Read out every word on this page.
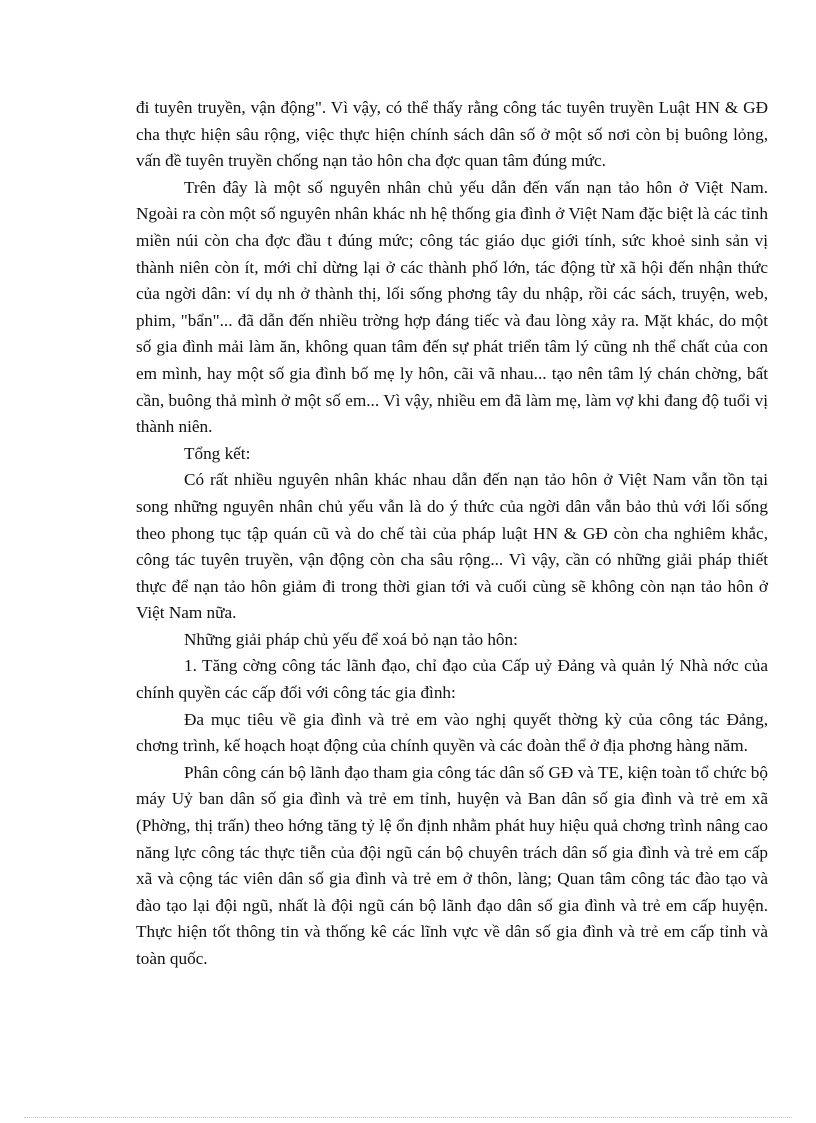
đi tuyên truyền, vận động". Vì vậy, có thể thấy rằng công tác tuyên truyền Luật HN & GĐ cha thực hiện sâu rộng, việc thực hiện chính sách dân số ở một số nơi còn bị buông lỏng, vấn đề tuyên truyền chống nạn tảo hôn cha đợc quan tâm đúng mức.

Trên đây là một số nguyên nhân chủ yếu dẫn đến vấn nạn tảo hôn ở Việt Nam. Ngoài ra còn một số nguyên nhân khác nh hệ thống gia đình ở Việt Nam đặc biệt là các tỉnh miền núi còn cha đợc đầu t đúng mức; công tác giáo dục giới tính, sức khoẻ sinh sản vị thành niên còn ít, mới chỉ dừng lại ở các thành phố lớn, tác động từ xã hội đến nhận thức của ngời dân: ví dụ nh ở thành thị, lối sống phơng tây du nhập, rồi các sách, truyện, web, phim, "bẩn"... đã dẫn đến nhiều trờng hợp đáng tiếc và đau lòng xảy ra. Mặt khác, do một số gia đình mải làm ăn, không quan tâm đến sự phát triển tâm lý cũng nh thể chất của con em mình, hay một số gia đình bố mẹ ly hôn, cãi vã nhau... tạo nên tâm lý chán chờng, bất cần, buông thả mình ở một số em... Vì vậy, nhiều em đã làm mẹ, làm vợ khi đang độ tuổi vị thành niên.

Tổng kết:

Có rất nhiều nguyên nhân khác nhau dẫn đến nạn tảo hôn ở Việt Nam vẫn tồn tại song những nguyên nhân chủ yếu vẫn là do ý thức của ngời dân vẫn bảo thủ với lối sống theo phong tục tập quán cũ và do chế tài của pháp luật HN & GĐ còn cha nghiêm khắc, công tác tuyên truyền, vận động còn cha sâu rộng... Vì vậy, cần có những giải pháp thiết thực để nạn tảo hôn giảm đi trong thời gian tới và cuối cùng sẽ không còn nạn tảo hôn ở Việt Nam nữa.

Những giải pháp chủ yếu để xoá bỏ nạn tảo hôn:

1. Tăng cờng công tác lãnh đạo, chỉ đạo của Cấp uỷ Đảng và quản lý Nhà nớc của chính quyền các cấp đối với công tác gia đình:

Đa mục tiêu về gia đình và trẻ em vào nghị quyết thờng kỳ của công tác Đảng, chơng trình, kế hoạch hoạt động của chính quyền và các đoàn thể ở địa phơng hàng năm.

Phân công cán bộ lãnh đạo tham gia công tác dân số GĐ và TE, kiện toàn tổ chức bộ máy Uỷ ban dân số gia đình và trẻ em tỉnh, huyện và Ban dân số gia đình và trẻ em xã (Phờng, thị trấn) theo hớng tăng tỷ lệ ổn định nhằm phát huy hiệu quả chơng trình nâng cao năng lực công tác thực tiễn của đội ngũ cán bộ chuyên trách dân số gia đình và trẻ em cấp xã và cộng tác viên dân số gia đình và trẻ em ở thôn, làng; Quan tâm công tác đào tạo và đào tạo lại đội ngũ, nhất là đội ngũ cán bộ lãnh đạo dân số gia đình và trẻ em cấp huyện. Thực hiện tốt thông tin và thống kê các lĩnh vực về dân số gia đình và trẻ em cấp tỉnh và toàn quốc.
